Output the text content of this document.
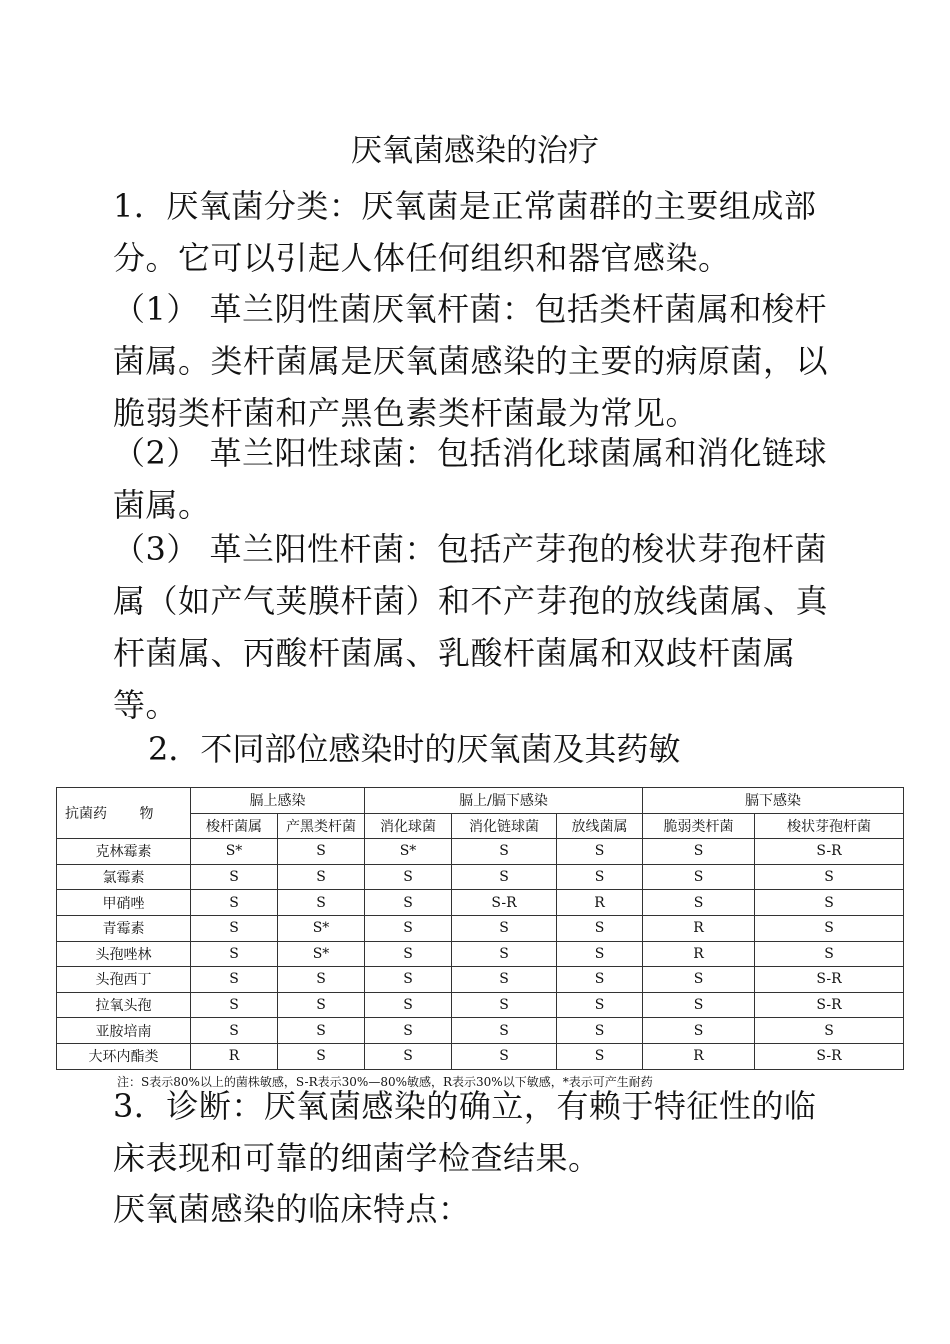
厌氧菌感染的治疗

1．厌氧菌分类：厌氧菌是正常菌群的主要组成部分。它可以引起人体任何组织和器官感染。

（1） 革兰阴性菌厌氧杆菌：包括类杆菌属和梭杆菌属。类杆菌属是厌氧菌感染的主要的病原菌，以脆弱类杆菌和产黑色素类杆菌最为常见。

（2） 革兰阳性球菌：包括消化球菌属和消化链球菌属。

（3） 革兰阳性杆菌：包括产芽孢的梭状芽孢杆菌属（如产气荚膜杆菌）和不产芽孢的放线菌属、真杆菌属、丙酸杆菌属、乳酸杆菌属和双歧杆菌属等。

2．不同部位感染时的厌氧菌及其药敏

抗菌药 物	膈上感染		膈上/膈下感染			膈下感染	
	梭杆菌属	产黑类杆菌	消化球菌	消化链球菌	放线菌属	脆弱类杆菌	梭状芽孢杆菌
克林霉素	S*	S	S*	S	S	S	S-R
氯霉素	S	S	S	S	S	S	S
甲硝唑	S	S	S	S-R	R	S	S
青霉素	S	S*	S	S	S	R	S
头孢唑林	S	S*	S	S	S	R	S
头孢西丁	S	S	S	S	S	S	S-R
拉氧头孢	S	S	S	S	S	S	S-R
亚胺培南	S	S	S	S	S	S	S
大环内酯类	R	S	S	S	S	R	S-R

注：S表示80%以上的菌株敏感，S-R表示30%—80%敏感，R表示30%以下敏感，*表示可产生耐药

3．诊断：厌氧菌感染的确立，有赖于特征性的临床表现和可靠的细菌学检查结果。

厌氧菌感染的临床特点：
